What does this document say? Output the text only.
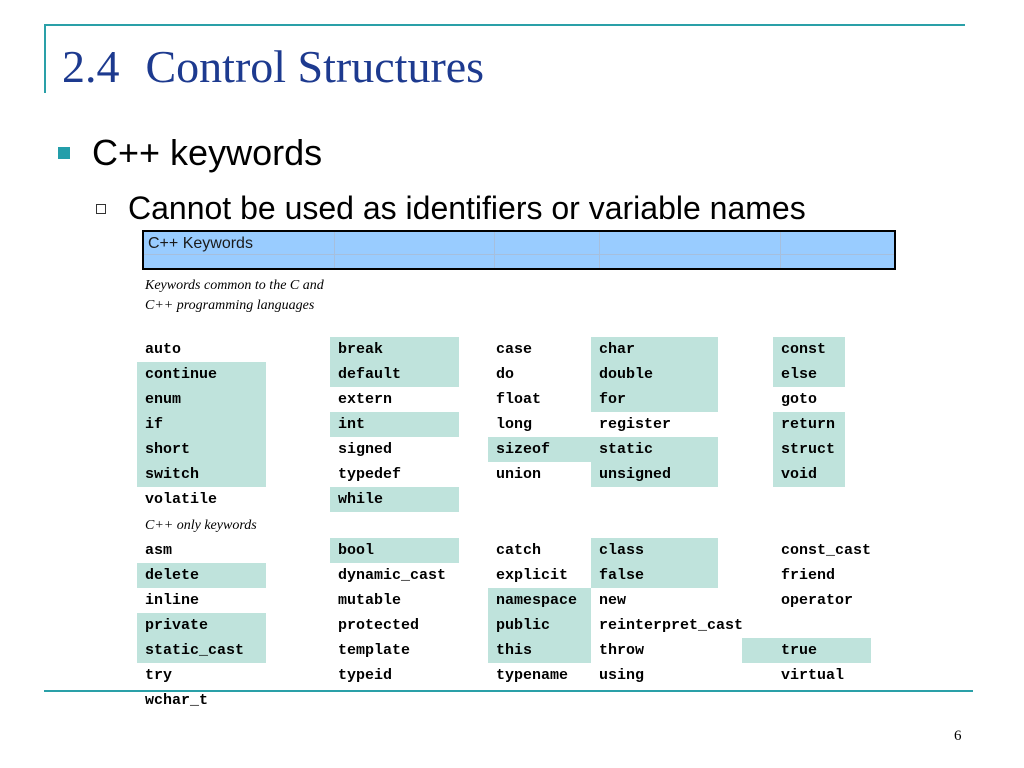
2.4 Control Structures
C++ keywords
Cannot be used as identifiers or variable names
C++ Keywords
Keywords common to the C and C++ programming languages
C++ only keywords
auto	break	case	char	const
continue	default	do	double	else
enum	extern	float	for	goto
if	int	long	register	return
short	signed	sizeof	static	struct
switch	typedef	union	unsigned	void
volatile	while
asm	bool	catch	class	const_cast
delete	dynamic_cast	explicit	false	friend
inline	mutable	namespace	new	operator
private	protected	public	reinterpret_cast
static_cast	template	this	throw	true
try	typeid	typename	using	virtual
wchar_t
6
